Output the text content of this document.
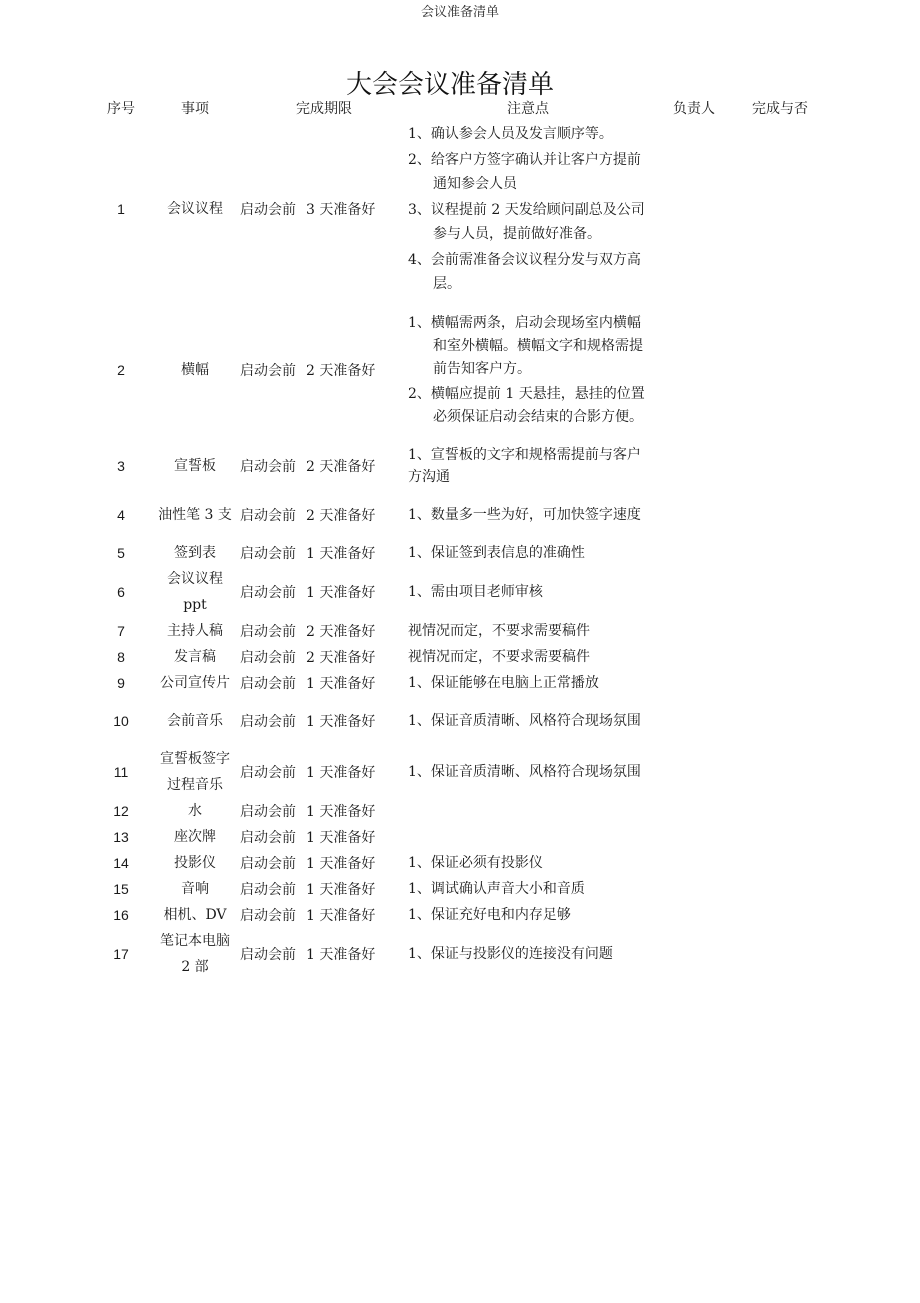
会议准备清单
大会会议准备清单
序号	事项	完成期限	注意点	负责人	完成与否
1	会议议程	启动会前 3 天准备好	1、确认参会人员及发言顺序等。
2、给客户方签字确认并让客户方提前通知参会人员
3、议程提前 2 天发给顾问副总及公司参与人员，提前做好准备。
4、会前需准备会议议程分发与双方高层。		

2	横幅	启动会前 2 天准备好	1、横幅需两条，启动会现场室内横幅和室外横幅。横幅文字和规格需提前告知客户方。
2、横幅应提前 1 天悬挂，悬挂的位置必须保证启动会结束的合影方便。		

3	宣誓板	启动会前 2 天准备好	1、宣誓板的文字和规格需提前与客户方沟通		

4	油性笔 3 支	启动会前 2 天准备好	1、数量多一些为好，可加快签字速度		

5	签到表	启动会前 1 天准备好	1、保证签到表信息的准确性		

6	会议议程
ppt	启动会前 1 天准备好	1、需由项目老师审核		

7	主持人稿	启动会前 2 天准备好	视情况而定，不要求需要稿件		

8	发言稿	启动会前 2 天准备好	视情况而定，不要求需要稿件		

9	公司宣传片	启动会前 1 天准备好	1、保证能够在电脑上正常播放		

10	会前音乐	启动会前 1 天准备好	1、保证音质清晰、风格符合现场氛围		

11	宣誓板签字
过程音乐	启动会前 1 天准备好	1、保证音质清晰、风格符合现场氛围		

12	水	启动会前 1 天准备好			
13	座次牌	启动会前 1 天准备好			
14	投影仪	启动会前 1 天准备好	1、保证必须有投影仪		

15	音响	启动会前 1 天准备好	1、调试确认声音大小和音质		

16	相机、DV	启动会前 1 天准备好	1、保证充好电和内存足够		

17	笔记本电脑
2 部	启动会前 1 天准备好	1、保证与投影仪的连接没有问题		
